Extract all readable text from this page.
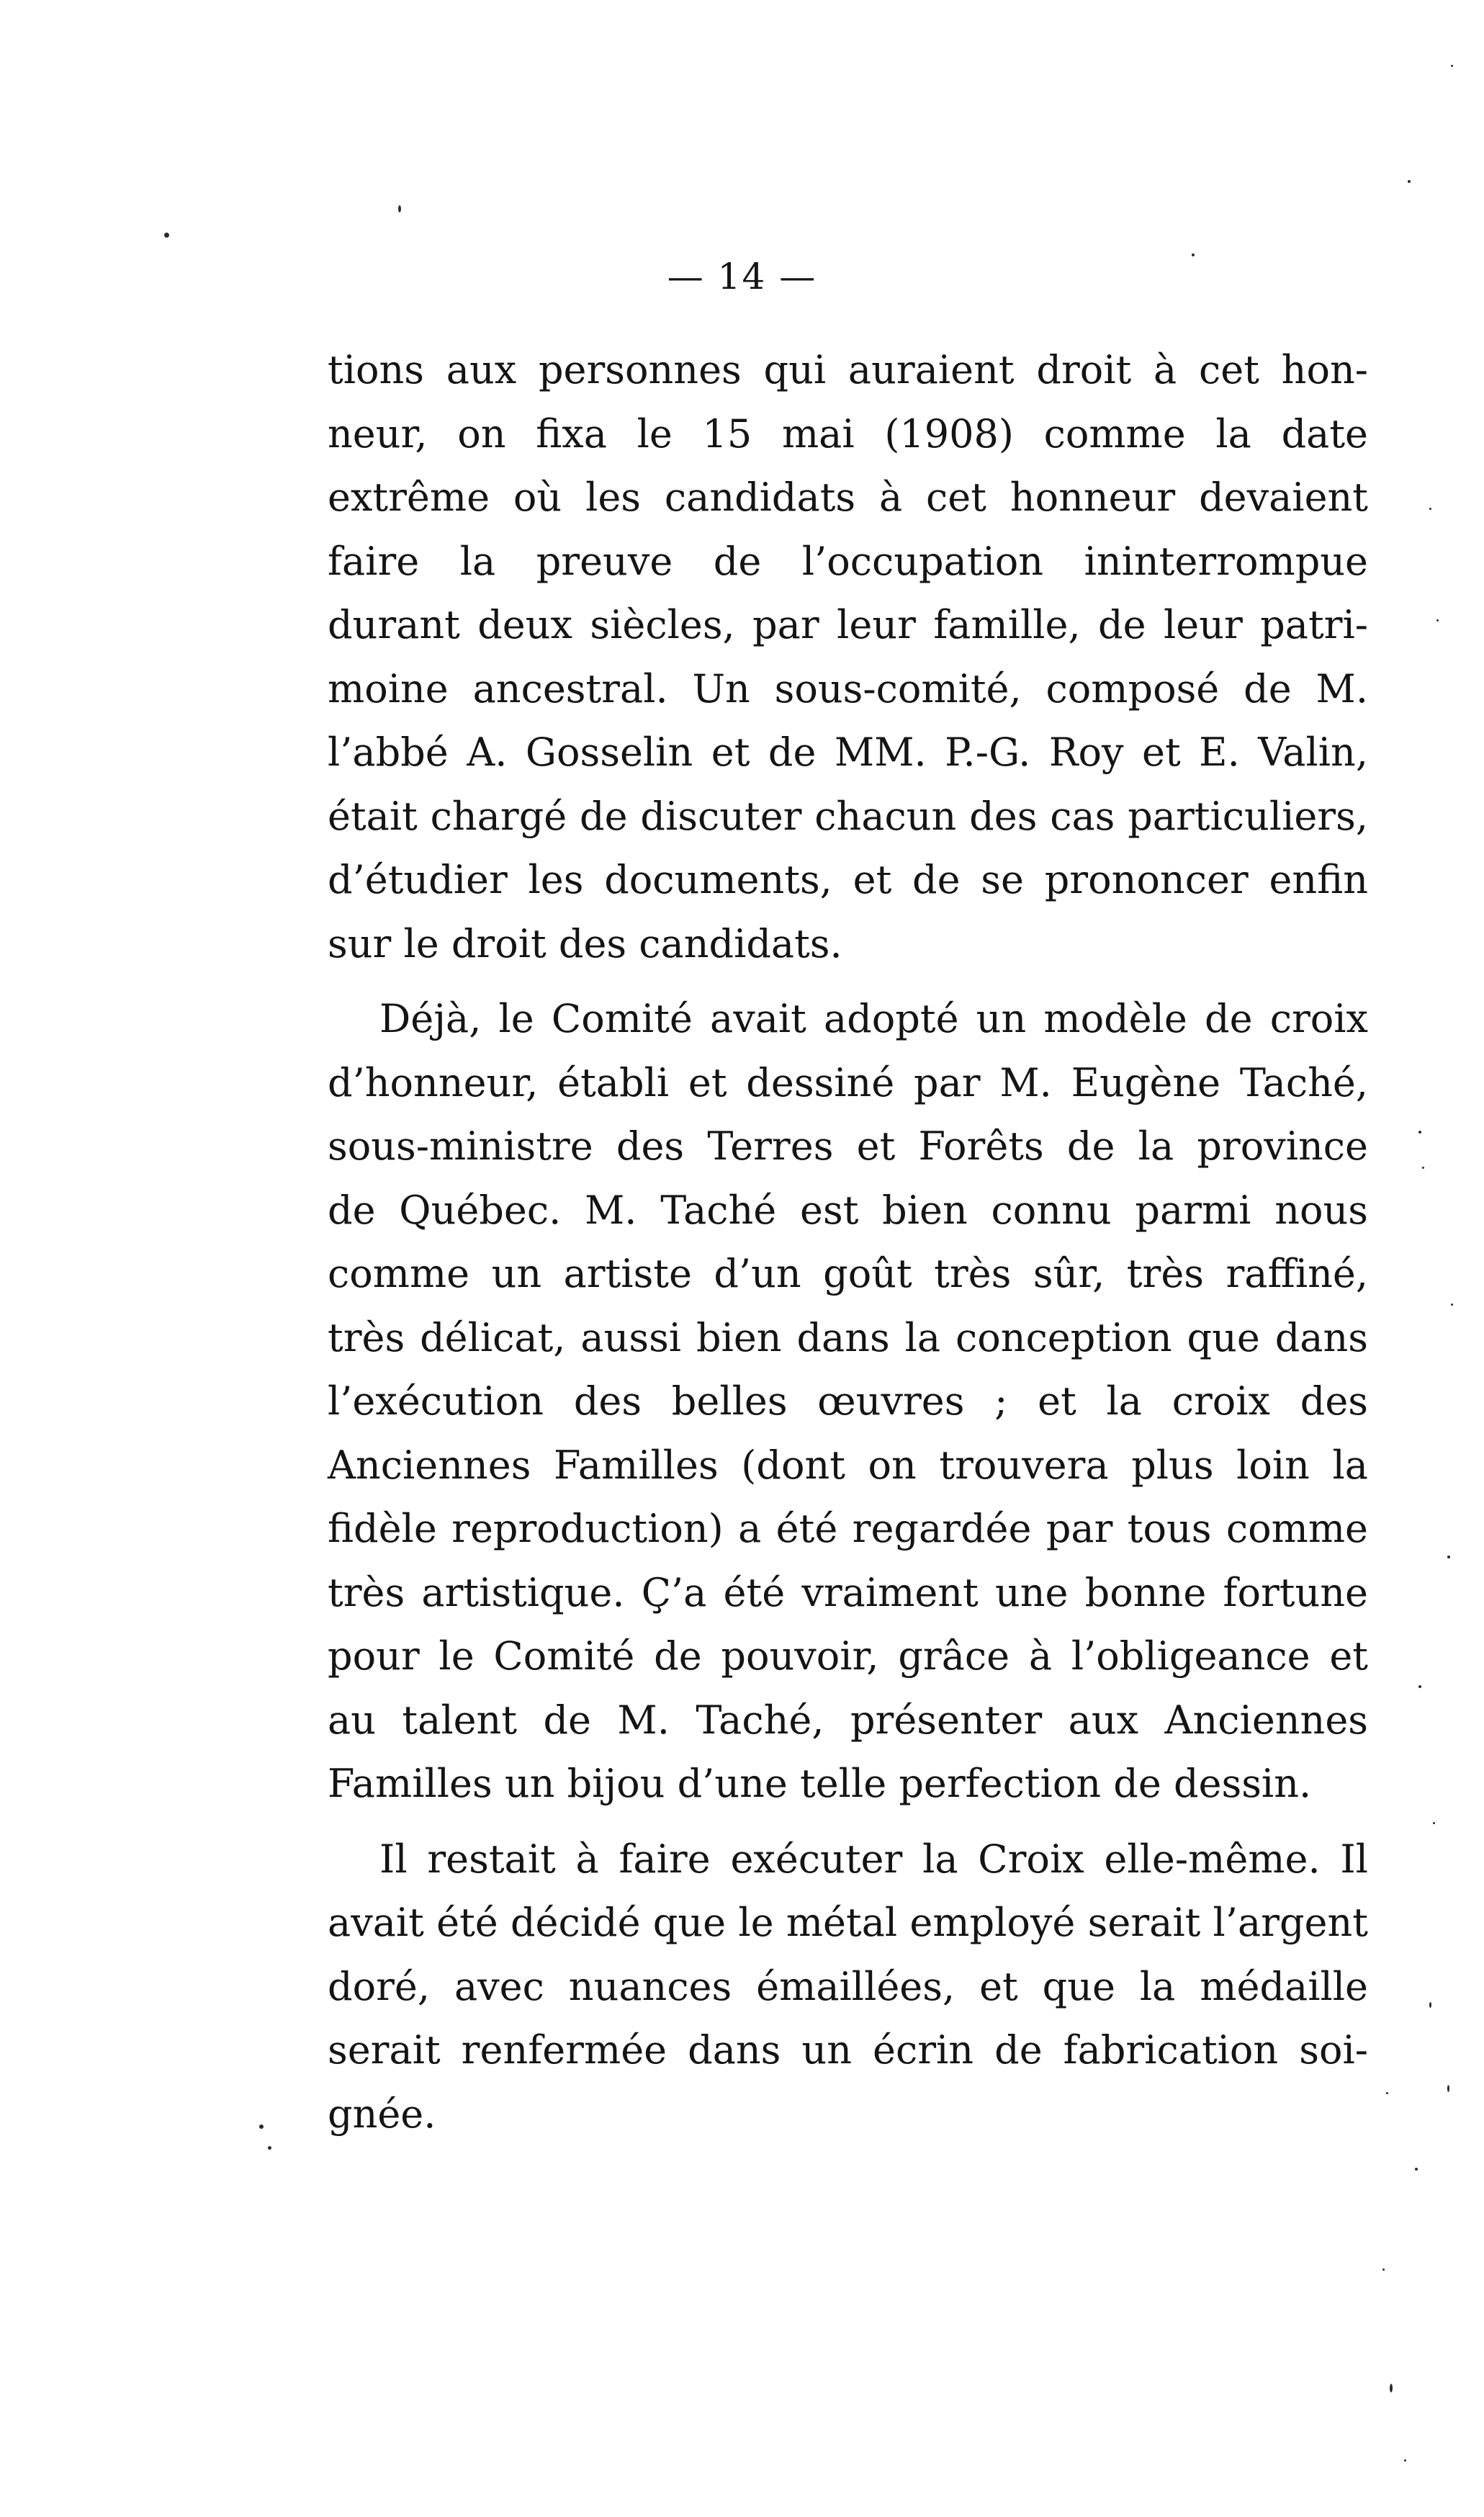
— 14 —

tions aux personnes qui auraient droit à cet hon-
neur, on fixa le 15 mai (1908) comme la date
extrême où les candidats à cet honneur devaient
faire la preuve de l’occupation ininterrompue
durant deux siècles, par leur famille, de leur patri-
moine ancestral. Un sous-comité, composé de M.
l’abbé A. Gosselin et de MM. P.-G. Roy et E. Valin,
était chargé de discuter chacun des cas particuliers,
d’étudier les documents, et de se prononcer enfin
sur le droit des candidats.

Déjà, le Comité avait adopté un modèle de croix
d’honneur, établi et dessiné par M. Eugène Taché,
sous-ministre des Terres et Forêts de la province
de Québec. M. Taché est bien connu parmi nous
comme un artiste d’un goût très sûr, très raffiné,
très délicat, aussi bien dans la conception que dans
l’exécution des belles œuvres ; et la croix des
Anciennes Familles (dont on trouvera plus loin la
fidèle reproduction) a été regardée par tous comme
très artistique. Ç’a été vraiment une bonne fortune
pour le Comité de pouvoir, grâce à l’obligeance et
au talent de M. Taché, présenter aux Anciennes
Familles un bijou d’une telle perfection de dessin.

Il restait à faire exécuter la Croix elle-même. Il
avait été décidé que le métal employé serait l’argent
doré, avec nuances émaillées, et que la médaille
serait renfermée dans un écrin de fabrication soi-
gnée.
